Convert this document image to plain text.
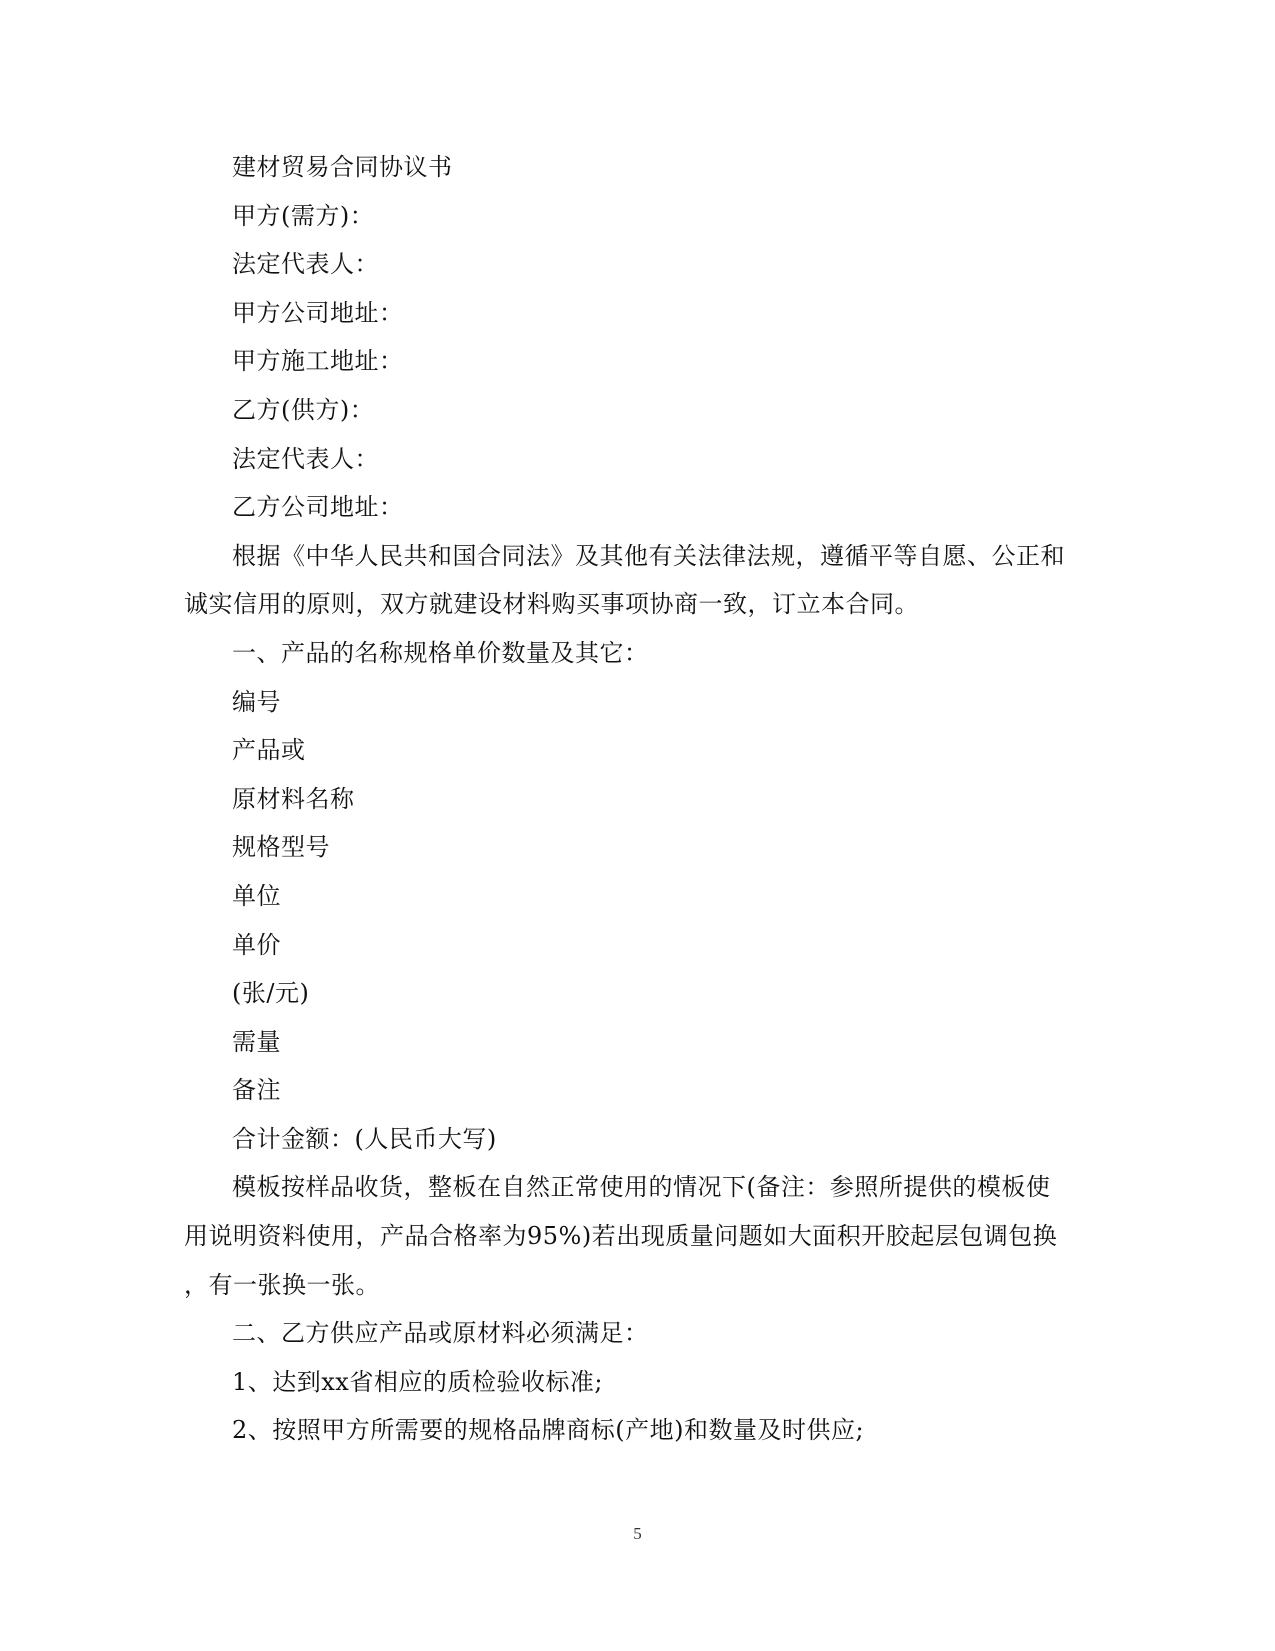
建材贸易合同协议书
甲方(需方)：
法定代表人：
甲方公司地址：
甲方施工地址：
乙方(供方)：
法定代表人：
乙方公司地址：
根据《中华人民共和国合同法》及其他有关法律法规，遵循平等自愿、公正和
诚实信用的原则，双方就建设材料购买事项协商一致，订立本合同。
一、产品的名称规格单价数量及其它：
编号
产品或
原材料名称
规格型号
单位
单价
(张/元)
需量
备注
合计金额：(人民币大写)
模板按样品收货，整板在自然正常使用的情况下(备注：参照所提供的模板使
用说明资料使用，产品合格率为95%)若出现质量问题如大面积开胶起层包调包换
，有一张换一张。
二、乙方供应产品或原材料必须满足：
1、达到xx省相应的质检验收标准;
2、按照甲方所需要的规格品牌商标(产地)和数量及时供应;
5
